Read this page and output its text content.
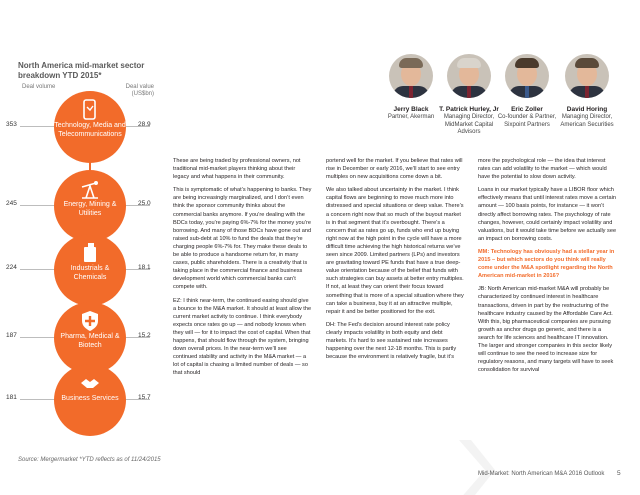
North America mid-market sector breakdown YTD 2015*
Deal volume	Deal value (US$bn)
Technology, Media and Telecommunications
353	28.9
Energy, Mining & Utilities
245	25.0
Industrials & Chemicals
224	18.1
Pharma, Medical & Biotech
187	15.2
Business Services
181	15.7
Source: Mergermarket *YTD reflects as of 11/24/2015
Jerry Black
Partner, Akerman
T. Patrick Hurley, Jr
Managing Director, MidMarket Capital Advisors
Eric Zoller
Co-founder & Partner, Sixpoint Partners
David Horing
Managing Director, American Securities

These are being traded by professional owners, not traditional mid-market players thinking about their legacy and what happens in their community.

This is symptomatic of what’s happening to banks. They are being increasingly marginalized, and I don’t even think the sponsor community thinks about the commercial banks anymore. If you’re dealing with the BDCs today, you’re paying 6%-7% for the money you’re borrowing. And many of those BDCs have gone out and raised sub-debt at 10% to fund the deals that they’re charging people 6%-7% for. They make these deals to be able to produce a handsome return for, in many cases, public shareholders. There is a creativity that is taking place in the commercial finance and business development world which commercial banks can’t compete with.

EZ: I think near-term, the continued easing should give a bounce to the M&A market. It should at least allow the current market activity to continue. I think everybody expects once rates go up — and nobody knows when they will — for it to impact the cost of capital. When that happens, that should flow through the system, bringing down overall prices. In the near-term we’ll see continued stability and activity in the M&A market — a lot of capital is chasing a limited number of deals — so that should

portend well for the market. If you believe that rates will rise in December or early 2016, we’ll start to see entry multiples on new acquisitions come down a bit.

We also talked about uncertainty in the market. I think capital flows are beginning to move much more into distressed and special situations or deep value. There’s a concern right now that so much of the buyout market is in that segment that it’s overbought. There’s a concern that as rates go up, funds who end up buying right now at the high point in the cycle will have a more difficult time achieving the high historical returns we’ve seen since 2009. Limited partners (LPs) and investors are gravitating toward PE funds that have a true deep-value orientation because of the belief that funds with such strategies can buy assets at better entry multiples. If not, at least they can orient their focus toward something that is more of a special situation where they can take a business, buy it at an attractive multiple, repair it and be better positioned for the exit.

DH: The Fed’s decision around interest rate policy clearly impacts volatility in both equity and debt markets. It’s hard to see sustained rate increases happening over the next 12-18 months. This is partly because the environment is relatively fragile, but it’s

more the psychological role — the idea that interest rates can add volatility to the market — which would have the potential to slow down activity.

Loans in our market typically have a LIBOR floor which effectively means that until interest rates move a certain amount — 100 basis points, for instance — it won’t directly affect borrowing rates. The psychology of rate changes, however, could certainly impact volatility and valuations, but it would take time before we actually see an impact on borrowing costs.

MM: Technology has obviously had a stellar year in 2015 – but which sectors do you think will really come under the M&A spotlight regarding the North American mid-market in 2016?

JB: North American mid-market M&A will probably be characterized by continued interest in healthcare transactions, driven in part by the restructuring of the healthcare industry caused by the Affordable Care Act. With this, big pharmaceutical companies are pursuing growth as anchor drugs go generic, and there is a search for life sciences and healthcare IT innovation. The larger and stronger companies in this sector likely will continue to see the need to increase size for regulatory reasons, and many targets will have to seek consolidation for survival

Mid-Market: North American M&A 2016 Outlook 5
